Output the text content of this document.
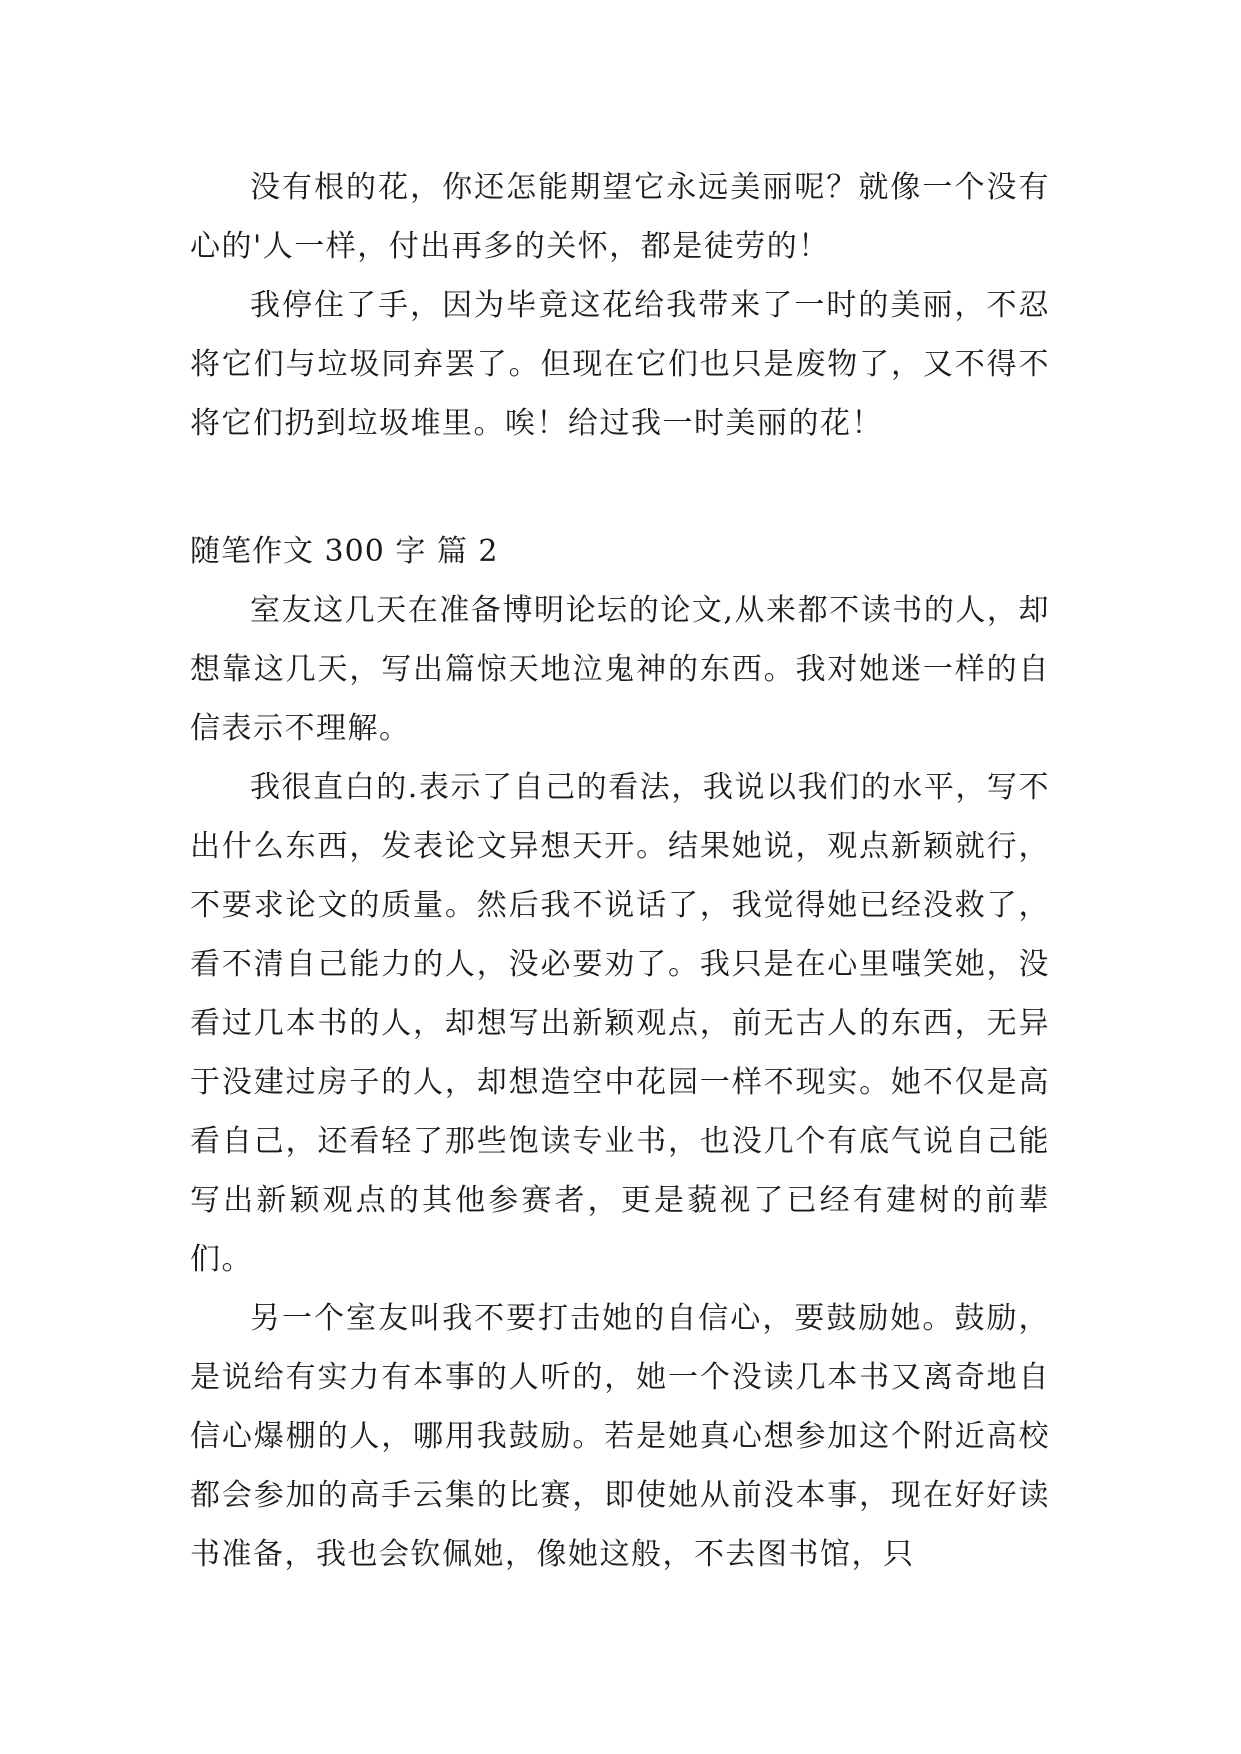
没有根的花，你还怎能期望它永远美丽呢？就像一个没有心的'人一样，付出再多的关怀，都是徒劳的！

我停住了手，因为毕竟这花给我带来了一时的美丽，不忍将它们与垃圾同弃罢了。但现在它们也只是废物了，又不得不将它们扔到垃圾堆里。唉！给过我一时美丽的花！

随笔作文 300 字 篇 2

室友这几天在准备博明论坛的论文,从来都不读书的人，却想靠这几天，写出篇惊天地泣鬼神的东西。我对她迷一样的自信表示不理解。

我很直白的.表示了自己的看法，我说以我们的水平，写不出什么东西，发表论文异想天开。结果她说，观点新颖就行，不要求论文的质量。然后我不说话了，我觉得她已经没救了，看不清自己能力的人，没必要劝了。我只是在心里嗤笑她，没看过几本书的人，却想写出新颖观点，前无古人的东西，无异于没建过房子的人，却想造空中花园一样不现实。她不仅是高看自己，还看轻了那些饱读专业书，也没几个有底气说自己能写出新颖观点的其他参赛者，更是藐视了已经有建树的前辈们。

另一个室友叫我不要打击她的自信心，要鼓励她。鼓励，是说给有实力有本事的人听的，她一个没读几本书又离奇地自信心爆棚的人，哪用我鼓励。若是她真心想参加这个附近高校都会参加的高手云集的比赛，即使她从前没本事，现在好好读书准备，我也会钦佩她，像她这般，不去图书馆，只
